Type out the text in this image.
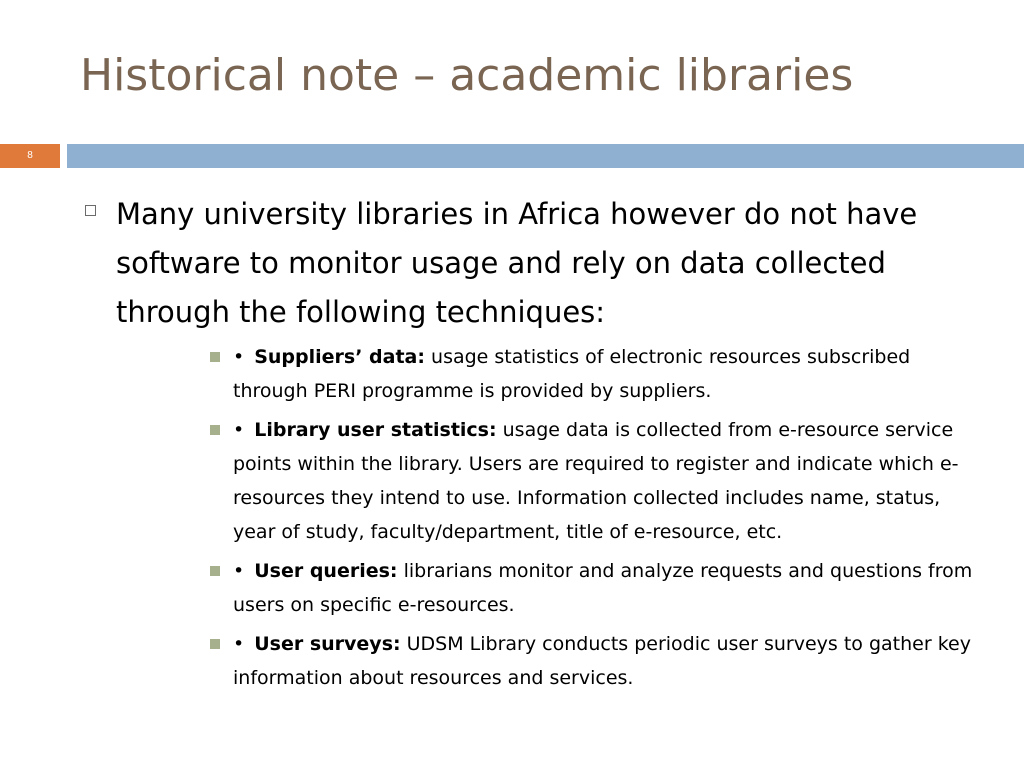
Historical note – academic libraries
8

Many university libraries in Africa however do not have software to monitor usage and rely on data collected through the following techniques:

• Suppliers’ data: usage statistics of electronic resources subscribed through PERI programme is provided by suppliers.
• Library user statistics: usage data is collected from e-resource service points within the library. Users are required to register and indicate which e-resources they intend to use. Information collected includes name, status, year of study, faculty/department, title of e-resource, etc.
• User queries: librarians monitor and analyze requests and questions from users on specific e-resources.
• User surveys: UDSM Library conducts periodic user surveys to gather key information about resources and services.
